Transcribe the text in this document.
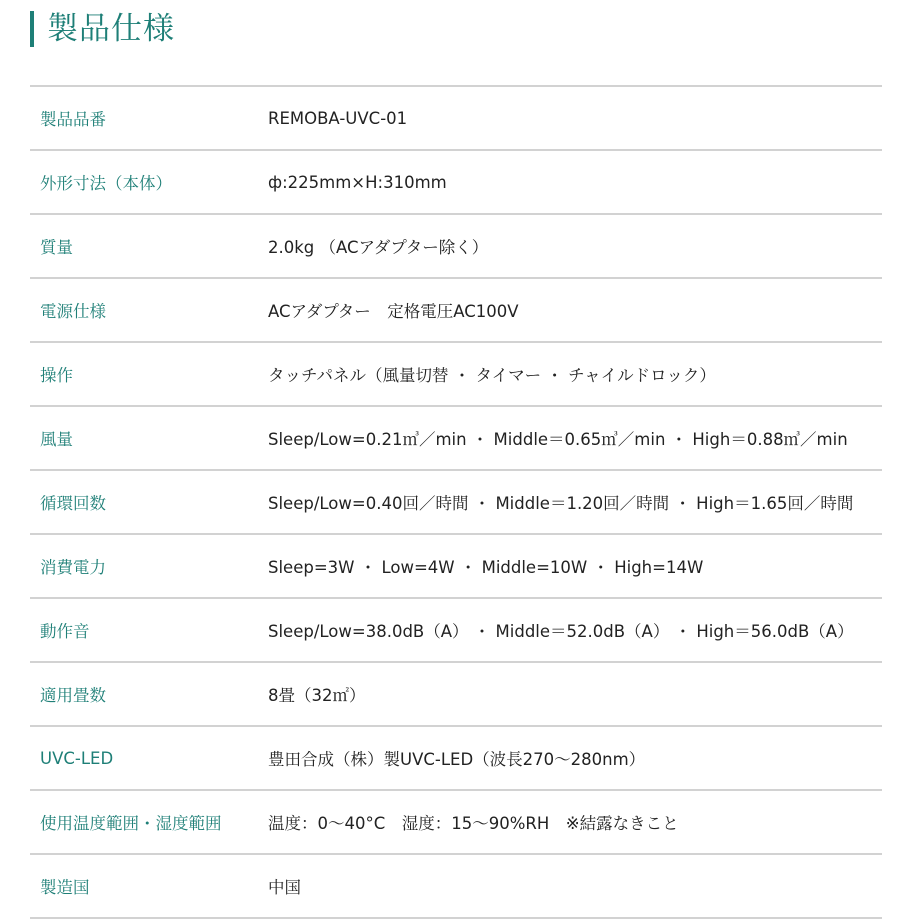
製品仕様
製品品番	REMOBA-UVC-01
外形寸法（本体）	ф:225mm×H:310mm
質量	2.0kg （ACアダプター除く）
電源仕様	ACアダプター　定格電圧AC100V
操作	タッチパネル（風量切替 ・ タイマー ・ チャイルドロック）
風量	Sleep/Low=0.21㎥／min ・ Middle＝0.65㎥／min ・ High＝0.88㎥／min
循環回数	Sleep/Low=0.40回／時間 ・ Middle＝1.20回／時間 ・ High＝1.65回／時間
消費電力	Sleep=3W ・ Low=4W ・ Middle=10W ・ High=14W
動作音	Sleep/Low=38.0dB（A） ・ Middle＝52.0dB（A） ・ High＝56.0dB（A）
適用畳数	8畳（32㎡）
UVC-LED	豊田合成（株）製UVC-LED（波長270〜280nm）
使用温度範囲・湿度範囲	温度：0〜40°C　湿度：15〜90%RH　※結露なきこと
製造国	中国
